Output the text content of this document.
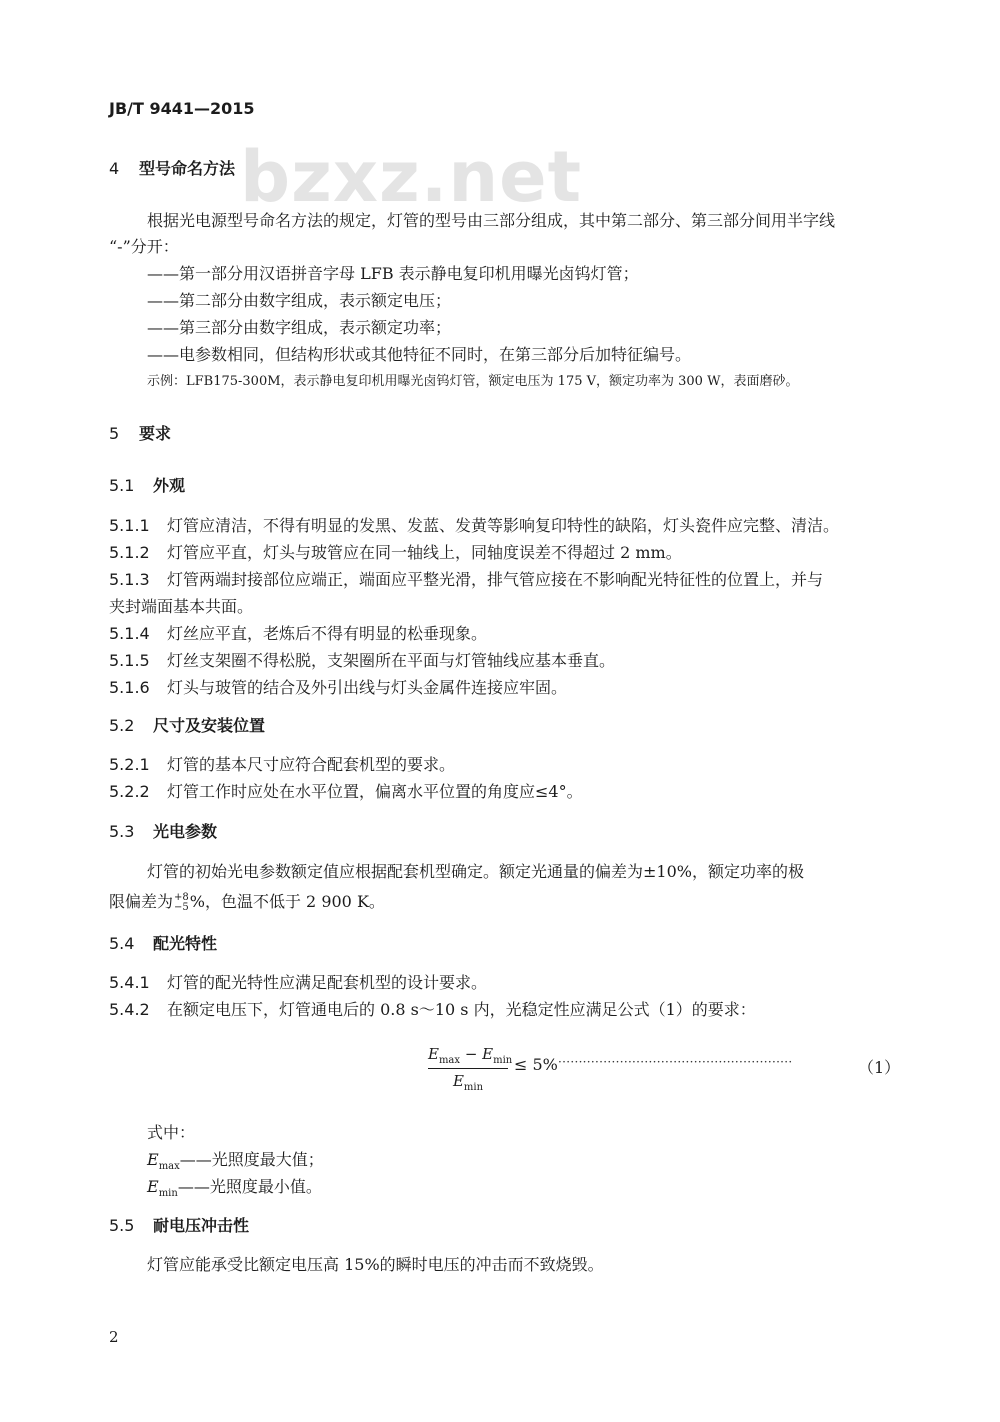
bzxz.net
JB/T 9441—2015
4 型号命名方法
根据光电源型号命名方法的规定，灯管的型号由三部分组成，其中第二部分、第三部分间用半字线
“-”分开：
——第一部分用汉语拼音字母 LFB 表示静电复印机用曝光卤钨灯管；
——第二部分由数字组成，表示额定电压；
——第三部分由数字组成，表示额定功率；
——电参数相同，但结构形状或其他特征不同时，在第三部分后加特征编号。
示例：LFB175-300M，表示静电复印机用曝光卤钨灯管，额定电压为 175 V，额定功率为 300 W，表面磨砂。
5 要求
5.1 外观
5.1.1 灯管应清洁，不得有明显的发黑、发蓝、发黄等影响复印特性的缺陷，灯头瓷件应完整、清洁。
5.1.2 灯管应平直，灯头与玻管应在同一轴线上，同轴度误差不得超过 2 mm。
5.1.3 灯管两端封接部位应端正，端面应平整光滑，排气管应接在不影响配光特征性的位置上，并与
夹封端面基本共面。
5.1.4 灯丝应平直，老炼后不得有明显的松垂现象。
5.1.5 灯丝支架圈不得松脱，支架圈所在平面与灯管轴线应基本垂直。
5.1.6 灯头与玻管的结合及外引出线与灯头金属件连接应牢固。
5.2 尺寸及安装位置
5.2.1 灯管的基本尺寸应符合配套机型的要求。
5.2.2 灯管工作时应处在水平位置，偏离水平位置的角度应≤4°。
5.3 光电参数
灯管的初始光电参数额定值应根据配套机型确定。额定光通量的偏差为±10%，额定功率的极
限偏差为 +8
−5 %，色温不低于 2 900 K。
5.4 配光特性
5.4.1 灯管的配光特性应满足配套机型的设计要求。
5.4.2 在额定电压下，灯管通电后的 0.8 s～10 s 内，光稳定性应满足公式（1）的要求：
$E_{max} - E_{min}$
$E_{min}$
≤ 5% ·························································	（1）
式中：
$E_{max}——$光照度最大值；
$E_{min}——$光照度最小值。
5.5 耐电压冲击性
灯管应能承受比额定电压高 15%的瞬时电压的冲击而不致烧毁。
2
